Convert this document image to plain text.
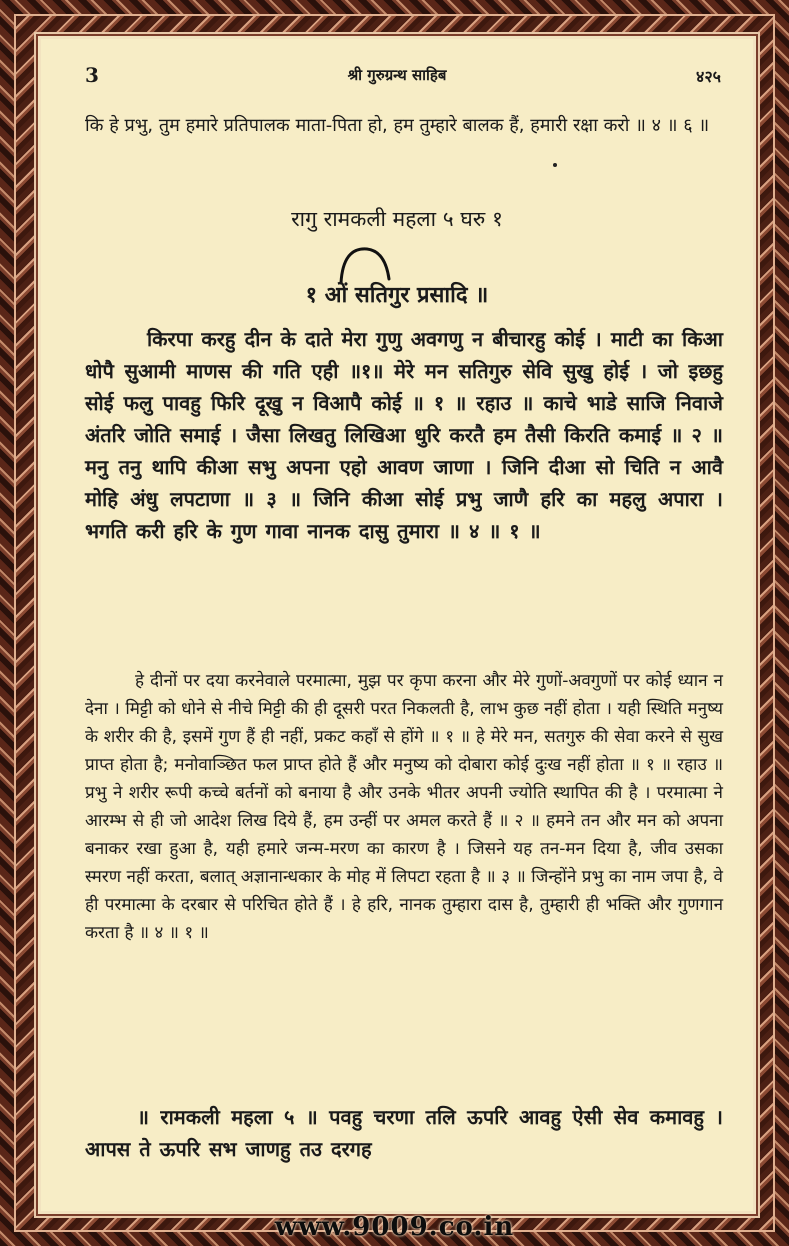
3	श्री गुरुग्रन्थ साहिब	४२५
कि हे प्रभु, तुम हमारे प्रतिपालक माता-पिता हो, हम तुम्हारे बालक हैं, हमारी रक्षा करो ॥ ४ ॥ ६ ॥
रागु रामकली महला ५ घरु १
१ ओं सतिगुर प्रसादि ॥
किरपा करहु दीन के दाते मेरा गुणु अवगणु न बीचारहु कोई । माटी का किआ धोपै सुआमी माणस की गति एही ॥१॥ मेरे मन सतिगुरु सेवि सुखु होई । जो इछहु सोई फलु पावहु फिरि दूखु न विआपै कोई ॥ १ ॥ रहाउ ॥ काचे भाडे साजि निवाजे अंतरि जोति समाई । जैसा लिखतु लिखिआ धुरि करतै हम तैसी किरति कमाई ॥ २ ॥ मनु तनु थापि कीआ सभु अपना एहो आवण जाणा । जिनि दीआ सो चिति न आवै मोहि अंधु लपटाणा ॥ ३ ॥ जिनि कीआ सोई प्रभु जाणै हरि का महलु अपारा । भगति करी हरि के गुण गावा नानक दासु तुमारा ॥ ४ ॥ १ ॥
हे दीनों पर दया करनेवाले परमात्मा, मुझ पर कृपा करना और मेरे गुणों-अवगुणों पर कोई ध्यान न देना । मिट्टी को धोने से नीचे मिट्टी की ही दूसरी परत निकलती है, लाभ कुछ नहीं होता । यही स्थिति मनुष्य के शरीर की है, इसमें गुण हैं ही नहीं, प्रकट कहाँ से होंगे ॥ १ ॥ हे मेरे मन, सतगुरु की सेवा करने से सुख प्राप्त होता है; मनोवाञ्छित फल प्राप्त होते हैं और मनुष्य को दोबारा कोई दुःख नहीं होता ॥ १ ॥ रहाउ ॥ प्रभु ने शरीर रूपी कच्चे बर्तनों को बनाया है और उनके भीतर अपनी ज्योति स्थापित की है । परमात्मा ने आरम्भ से ही जो आदेश लिख दिये हैं, हम उन्हीं पर अमल करते हैं ॥ २ ॥ हमने तन और मन को अपना बनाकर रखा हुआ है, यही हमारे जन्म-मरण का कारण है । जिसने यह तन-मन दिया है, जीव उसका स्मरण नहीं करता, बलात् अज्ञानान्धकार के मोह में लिपटा रहता है ॥ ३ ॥ जिन्होंने प्रभु का नाम जपा है, वे ही परमात्मा के दरबार से परिचित होते हैं । हे हरि, नानक तुम्हारा दास है, तुम्हारी ही भक्ति और गुणगान करता है ॥ ४ ॥ १ ॥
॥ रामकली महला ५ ॥ पवहु चरणा तलि ऊपरि आवहु ऐसी सेव कमावहु । आपस ते ऊपरि सभ जाणहु तउ दरगह
www.9009.co.in
